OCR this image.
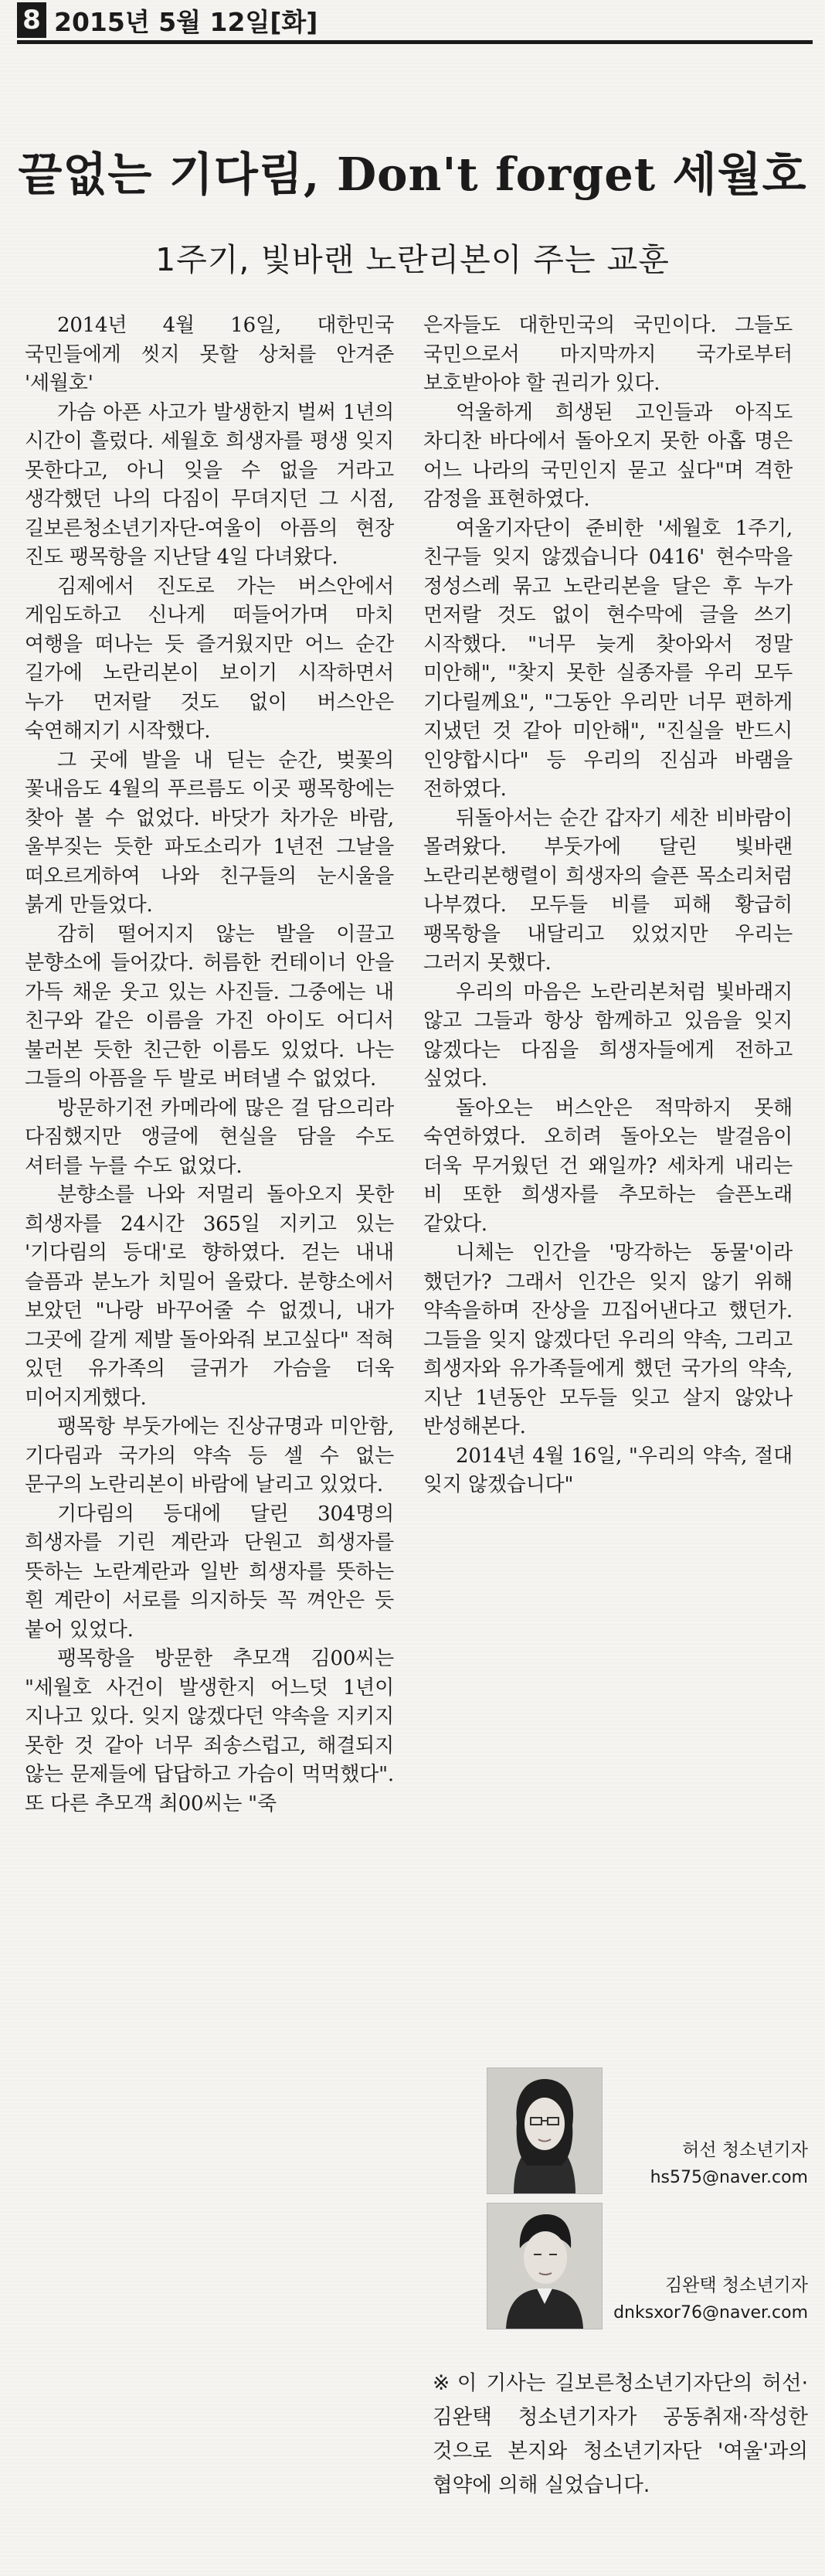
8 2015년 5월 12일[화]
끝없는 기다림, Don't forget 세월호
1주기, 빛바랜 노란리본이 주는 교훈

2014년 4월 16일, 대한민국 국민들에게 씻지 못할 상처를 안겨준 '세월호'

가슴 아픈 사고가 발생한지 벌써 1년의 시간이 흘렀다. 세월호 희생자를 평생 잊지 못한다고, 아니 잊을 수 없을 거라고 생각했던 나의 다짐이 무뎌지던 그 시점, 길보른청소년기자단-여울이 아픔의 현장 진도 팽목항을 지난달 4일 다녀왔다.

김제에서 진도로 가는 버스안에서 게임도하고 신나게 떠들어가며 마치 여행을 떠나는 듯 즐거웠지만 어느 순간 길가에 노란리본이 보이기 시작하면서 누가 먼저랄 것도 없이 버스안은 숙연해지기 시작했다.

그 곳에 발을 내 딛는 순간, 벚꽃의 꽃내음도 4월의 푸르름도 이곳 팽목항에는 찾아 볼 수 없었다. 바닷가 차가운 바람, 울부짖는 듯한 파도소리가 1년전 그날을 떠오르게하여 나와 친구들의 눈시울을 붉게 만들었다.

감히 떨어지지 않는 발을 이끌고 분향소에 들어갔다. 허름한 컨테이너 안을 가득 채운 웃고 있는 사진들. 그중에는 내 친구와 같은 이름을 가진 아이도 어디서 불러본 듯한 친근한 이름도 있었다. 나는 그들의 아픔을 두 발로 버텨낼 수 없었다.

방문하기전 카메라에 많은 걸 담으리라 다짐했지만 앵글에 현실을 담을 수도 셔터를 누를 수도 없었다.

분향소를 나와 저멀리 돌아오지 못한 희생자를 24시간 365일 지키고 있는 '기다림의 등대'로 향하였다. 걷는 내내 슬픔과 분노가 치밀어 올랐다. 분향소에서 보았던 "나랑 바꾸어줄 수 없겠니, 내가 그곳에 갈게 제발 돌아와줘 보고싶다" 적혀 있던 유가족의 글귀가 가슴을 더욱 미어지게했다.

팽목항 부둣가에는 진상규명과 미안함, 기다림과 국가의 약속 등 셀 수 없는 문구의 노란리본이 바람에 날리고 있었다.

기다림의 등대에 달린 304명의 희생자를 기린 계란과 단원고 희생자를 뜻하는 노란계란과 일반 희생자를 뜻하는 흰 계란이 서로를 의지하듯 꼭 껴안은 듯 붙어 있었다.

팽목항을 방문한 추모객 김00씨는 "세월호 사건이 발생한지 어느덧 1년이 지나고 있다. 잊지 않겠다던 약속을 지키지 못한 것 같아 너무 죄송스럽고, 해결되지 않는 문제들에 답답하고 가슴이 먹먹했다". 또 다른 추모객 최00씨는 "죽

은자들도 대한민국의 국민이다. 그들도 국민으로서 마지막까지 국가로부터 보호받아야 할 권리가 있다.

억울하게 희생된 고인들과 아직도 차디찬 바다에서 돌아오지 못한 아홉 명은 어느 나라의 국민인지 묻고 싶다"며 격한 감정을 표현하였다.

여울기자단이 준비한 '세월호 1주기, 친구들 잊지 않겠습니다 0416' 현수막을 정성스레 묶고 노란리본을 달은 후 누가 먼저랄 것도 없이 현수막에 글을 쓰기 시작했다. "너무 늦게 찾아와서 정말 미안해", "찾지 못한 실종자를 우리 모두 기다릴께요", "그동안 우리만 너무 편하게 지냈던 것 같아 미안해", "진실을 반드시 인양합시다" 등 우리의 진심과 바램을 전하였다.

뒤돌아서는 순간 갑자기 세찬 비바람이 몰려왔다. 부둣가에 달린 빛바랜 노란리본행렬이 희생자의 슬픈 목소리처럼 나부꼈다. 모두들 비를 피해 황급히 팽목항을 내달리고 있었지만 우리는 그러지 못했다.

우리의 마음은 노란리본처럼 빛바래지 않고 그들과 항상 함께하고 있음을 잊지 않겠다는 다짐을 희생자들에게 전하고 싶었다.

돌아오는 버스안은 적막하지 못해 숙연하였다. 오히려 돌아오는 발걸음이 더욱 무거웠던 건 왜일까? 세차게 내리는 비 또한 희생자를 추모하는 슬픈노래 같았다.

니체는 인간을 '망각하는 동물'이라 했던가? 그래서 인간은 잊지 않기 위해 약속을하며 잔상을 끄집어낸다고 했던가. 그들을 잊지 않겠다던 우리의 약속, 그리고 희생자와 유가족들에게 했던 국가의 약속, 지난 1년동안 모두들 잊고 살지 않았나 반성해본다.

2014년 4월 16일, "우리의 약속, 절대 잊지 않겠습니다"

허선 청소년기자
hs575@naver.com
김완택 청소년기자
dnksxor76@naver.com
※ 이 기사는 길보른청소년기자단의 허선·김완택 청소년기자가 공동취재·작성한 것으로 본지와 청소년기자단 '여울'과의 협약에 의해 실었습니다.
